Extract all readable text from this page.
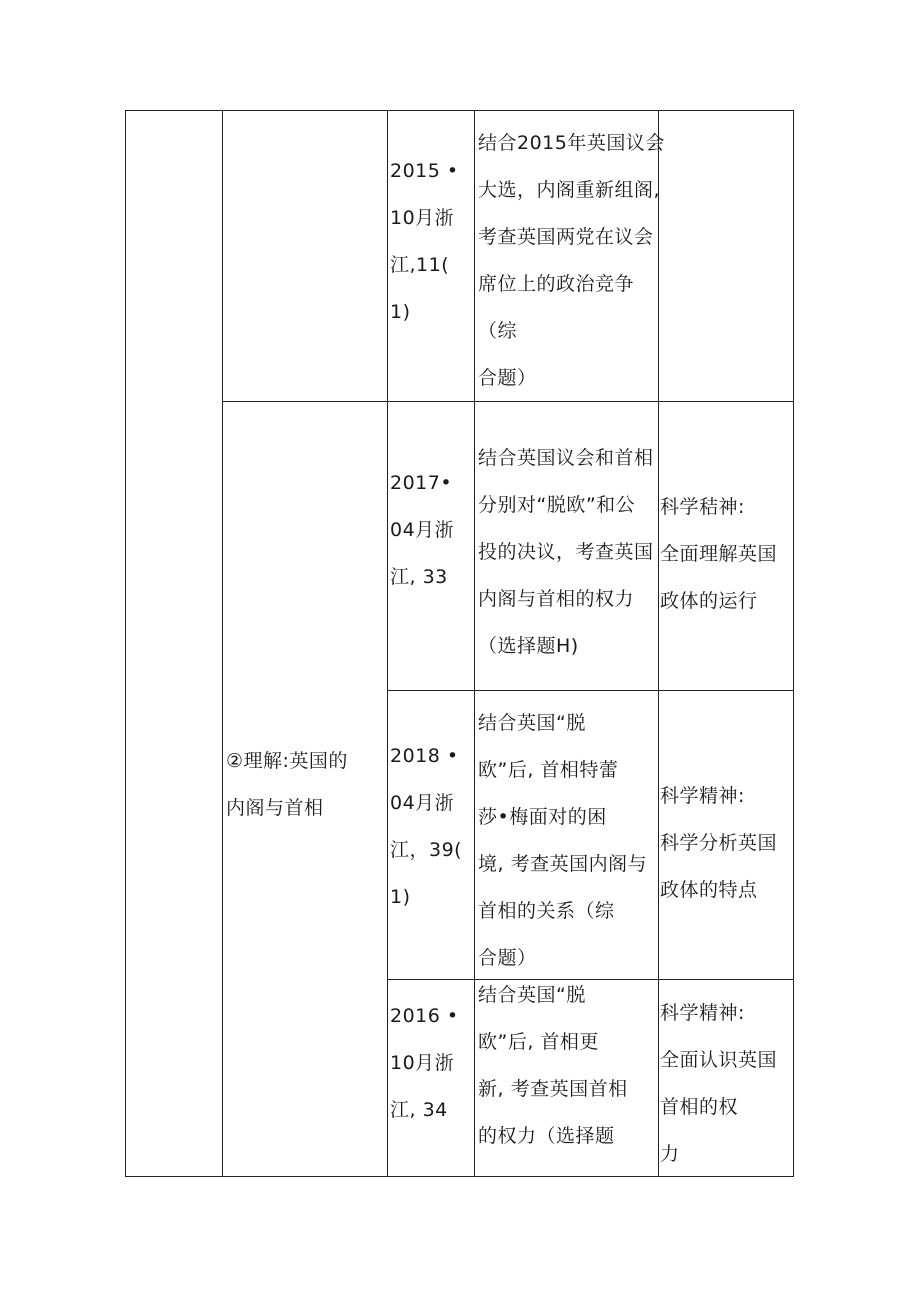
②理解:英国的
内阁与首相
2015 •
10月浙
江,11(
1)
结合2015年英国议会
大选，内阁重新组阁,
考查英国两党在议会
席位上的政治竞争
（综
合题）
2017•
04月浙
江, 33
结合英国议会和首相
分别对“脱欧”和公
投的决议，考查英国
内阁与首相的权力
（选择题H)
科学秸神:
全面理解英国
政体的运行
2018 •
04月浙
江，39(
1)
结合英国“脱
欧”后, 首相特蕾
莎•梅面对的困
境, 考查英国内阁与
首相的关系（综
合题）
科学精神:
科学分析英国
政体的特点
2016 •
10月浙
江, 34
结合英国“脱
欧”后, 首相更
新, 考查英国首相
的权力（选择题
科学精神:
全面认识英国
首相的权
力
